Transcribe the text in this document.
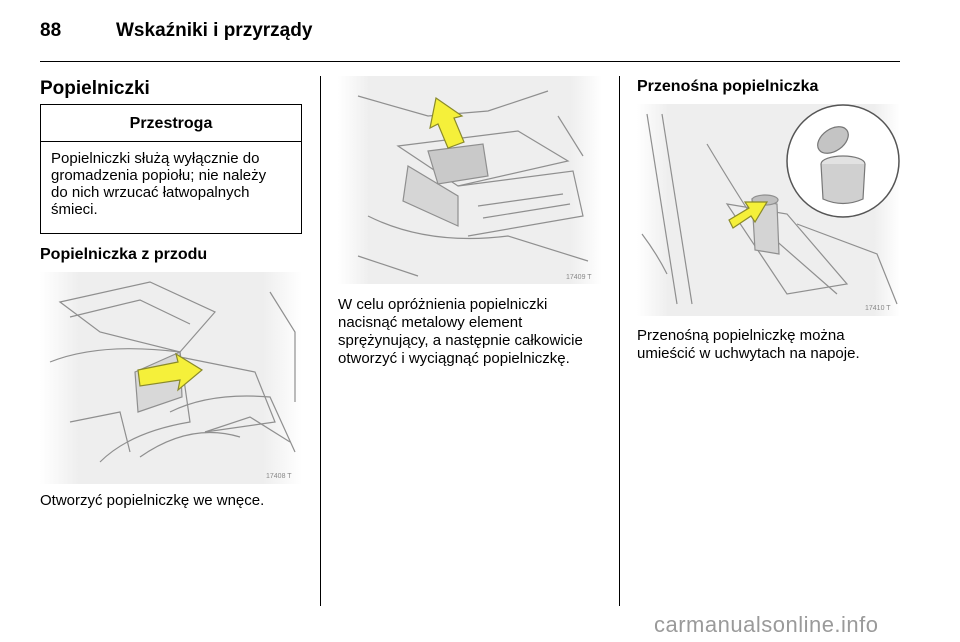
88	Wskaźniki i przyrządy
Popielniczki
Przestroga
Popielniczki służą wyłącznie do
gromadzenia popiołu; nie należy
do nich wrzucać łatwopalnych
śmieci.
Popielniczka z przodu
17408 T
Otworzyć popielniczkę we wnęce.
17409 T
W celu opróżnienia popielniczki
nacisnąć metalowy element
sprężynujący, a następnie całkowicie
otworzyć i wyciągnąć popielniczkę.
Przenośna popielniczka
17410 T
Przenośną popielniczkę można
umieścić w uchwytach na napoje.
carmanualsonline.info
